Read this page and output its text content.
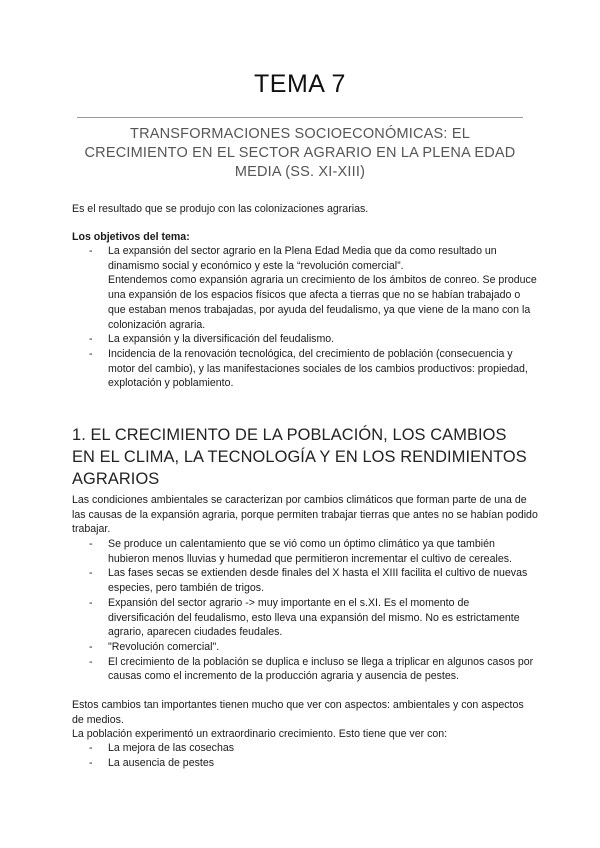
TEMA 7
TRANSFORMACIONES SOCIOECONÓMICAS: EL CRECIMIENTO EN EL SECTOR AGRARIO EN LA PLENA EDAD MEDIA (SS. XI-XIII)
Es el resultado que se produjo con las colonizaciones agrarias.
Los objetivos del tema:
- La expansión del sector agrario en la Plena Edad Media que da como resultado un dinamismo social y económico y este la “revolución comercial”.
Entendemos como expansión agraria un crecimiento de los ámbitos de conreo. Se produce una expansión de los espacios físicos que afecta a tierras que no se habían trabajado o que estaban menos trabajadas, por ayuda del feudalismo, ya que viene de la mano con la colonización agraria.
- La expansión y la diversificación del feudalismo.
- Incidencia de la renovación tecnológica, del crecimiento de población (consecuencia y motor del cambio), y las manifestaciones sociales de los cambios productivos: propiedad, explotación y poblamiento.
1. EL CRECIMIENTO DE LA POBLACIÓN, LOS CAMBIOS EN EL CLIMA, LA TECNOLOGÍA Y EN LOS RENDIMIENTOS AGRARIOS
Las condiciones ambientales se caracterizan por cambios climáticos que forman parte de una de las causas de la expansión agraria, porque permiten trabajar tierras que antes no se habían podido trabajar.
- Se produce un calentamiento que se vió como un óptimo climático ya que también hubieron menos lluvias y humedad que permitieron incrementar el cultivo de cereales.
- Las fases secas se extienden desde finales del X hasta el XIII facilita el cultivo de nuevas especies, pero también de trigos.
- Expansión del sector agrario -> muy importante en el s.XI. Es el momento de diversificación del feudalismo, esto lleva una expansión del mismo. No es estrictamente agrario, aparecen ciudades feudales.
- "Revolución comercial".
- El crecimiento de la población se duplica e incluso se llega a triplicar en algunos casos por causas como el incremento de la producción agraria y ausencia de pestes.
Estos cambios tan importantes tienen mucho que ver con aspectos: ambientales y con aspectos de medios.
La población experimentó un extraordinario crecimiento. Esto tiene que ver con:
- La mejora de las cosechas
- La ausencia de pestes
